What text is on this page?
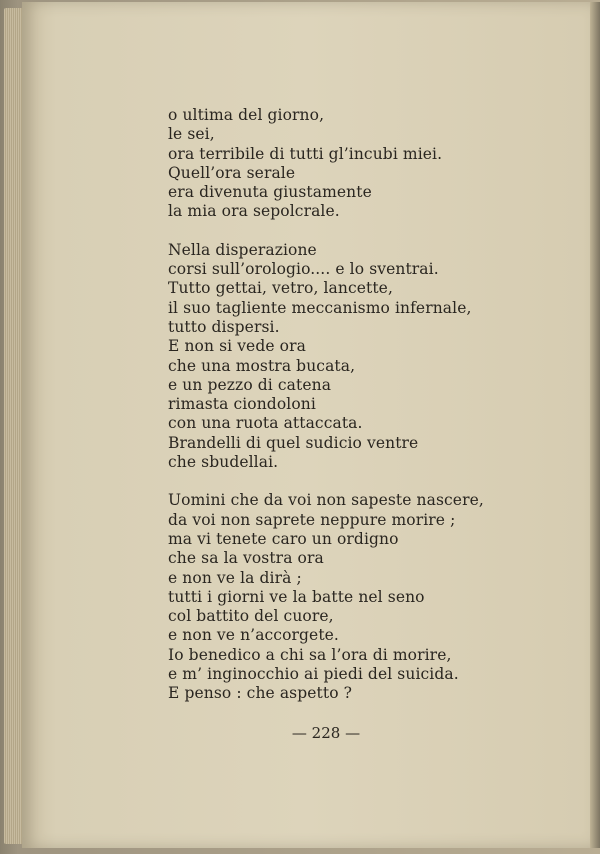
o ultima del giorno,
le sei,
ora terribile di tutti gl’incubi miei.
Quell’ora serale
era divenuta giustamente
la mia ora sepolcrale.
Nella disperazione
corsi sull’orologio.... e lo sventrai.
Tutto gettai, vetro, lancette,
il suo tagliente meccanismo infernale,
tutto dispersi.
E non si vede ora
che una mostra bucata,
e un pezzo di catena
rimasta ciondoloni
con una ruota attaccata.
Brandelli di quel sudicio ventre
che sbudellai.
Uomini che da voi non sapeste nascere,
da voi non saprete neppure morire ;
ma vi tenete caro un ordigno
che sa la vostra ora
e non ve la dirà ;
tutti i giorni ve la batte nel seno
col battito del cuore,
e non ve n’accorgete.
Io benedico a chi sa l’ora di morire,
e m’ inginocchio ai piedi del suicida.
E penso : che aspetto ?
— 228 —
